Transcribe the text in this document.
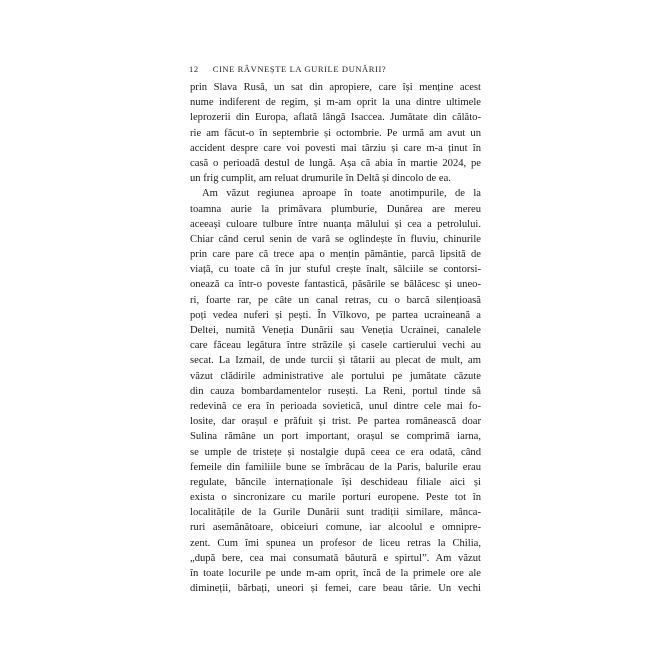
12 CINE RÂVNEȘTE LA GURILE DUNĂRII?
prin Slava Rusă, un sat din apropiere, care își menține acest
nume indiferent de regim, și m-am oprit la una dintre ultimele
leprozerii din Europa, aflată lângă Isaccea. Jumătate din călăto-
rie am făcut-o în septembrie și octombrie. Pe urmă am avut un
accident despre care voi povesti mai târziu și care m-a ținut în
casă o perioadă destul de lungă. Așa că abia în martie 2024, pe
un frig cumplit, am reluat drumurile în Deltă și dincolo de ea.
Am văzut regiunea aproape în toate anotimpurile, de la
toamna aurie la primăvara plumburie, Dunărea are mereu
aceeași culoare tulbure între nuanța mâlului și cea a petrolului.
Chiar când cerul senin de vară se oglindește în fluviu, chinurile
prin care pare că trece apa o mențin pământie, parcă lipsită de
viață, cu toate că în jur stuful crește înalt, sălciile se contorsi-
onează ca într-o poveste fantastică, păsările se bălăcesc și uneo-
ri, foarte rar, pe câte un canal retras, cu o barcă silențioasă
poți vedea nuferi și pești. În Vîlkovo, pe partea ucraineană a
Deltei, numită Veneția Dunării sau Veneția Ucrainei, canalele
care făceau legătura între străzile și casele cartierului vechi au
secat. La Izmail, de unde turcii și tătarii au plecat de mult, am
văzut clădirile administrative ale portului pe jumătate căzute
din cauza bombardamentelor rusești. La Reni, portul tinde să
redevină ce era în perioada sovietică, unul dintre cele mai fo-
losite, dar orașul e prăfuit și trist. Pe partea românească doar
Sulina rămâne un port important, orașul se comprimă iarna,
se umple de tristețe și nostalgie după ceea ce era odată, când
femeile din familiile bune se îmbrăcau de la Paris, balurile erau
regulate, băncile internaționale își deschideau filiale aici și
exista o sincronizare cu marile porturi europene. Peste tot în
localitățile de la Gurile Dunării sunt tradiții similare, mânca-
ruri asemănătoare, obiceiuri comune, iar alcoolul e omnipre-
zent. Cum îmi spunea un profesor de liceu retras la Chilia,
„după bere, cea mai consumată băutură e spirtul”. Am văzut
în toate locurile pe unde m-am oprit, încă de la primele ore ale
dimineții, bărbați, uneori și femei, care beau tărie. Un vechi
